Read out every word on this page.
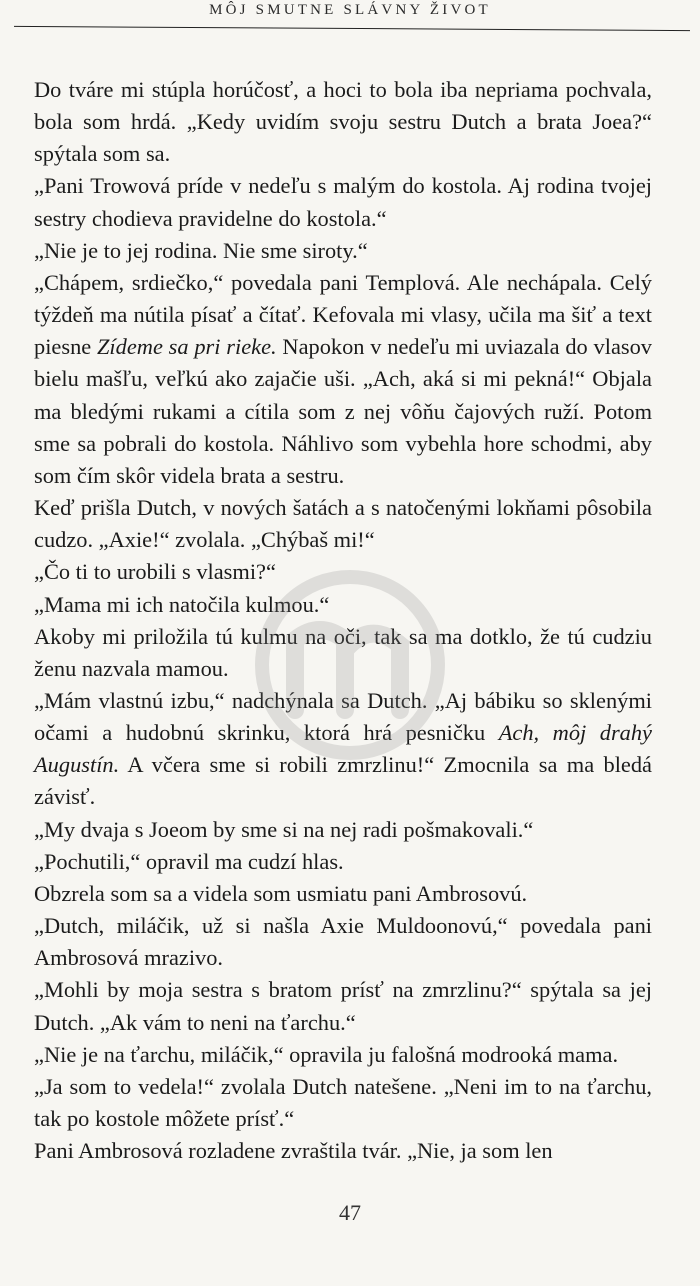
MÔJ SMUTNE SLÁVNY ŽIVOT

Do tváre mi stúpla horúčosť, a hoci to bola iba nepriama pochvala, bola som hrdá. „Kedy uvidím svoju sestru Dutch a brata Joea?“ spýtala som sa.

„Pani Trowová príde v nedeľu s malým do kostola. Aj rodina tvojej sestry chodieva pravidelne do kostola.“

„Nie je to jej rodina. Nie sme siroty.“

„Chápem, srdiečko,“ povedala pani Templová. Ale nechápala. Celý týždeň ma nútila písať a čítať. Kefovala mi vlasy, učila ma šiť a text piesne Zídeme sa pri rieke. Napokon v nedeľu mi uviazala do vlasov bielu mašľu, veľkú ako zajačie uši. „Ach, aká si mi pekná!“ Objala ma bledými rukami a cítila som z nej vôňu čajových ruží. Potom sme sa pobrali do kostola. Náhlivo som vybehla hore schodmi, aby som čím skôr videla brata a sestru.

Keď prišla Dutch, v nových šatách a s natočenými lokňami pôsobila cudzo. „Axie!“ zvolala. „Chýbaš mi!“

„Čo ti to urobili s vlasmi?“

„Mama mi ich natočila kulmou.“

Akoby mi priložila tú kulmu na oči, tak sa ma dotklo, že tú cudziu ženu nazvala mamou.

„Mám vlastnú izbu,“ nadchýnala sa Dutch. „Aj bábiku so sklenými očami a hudobnú skrinku, ktorá hrá pesničku Ach, môj drahý Augustín. A včera sme si robili zmrzlinu!“ Zmocnila sa ma bledá závisť.

„My dvaja s Joeom by sme si na nej radi pošmakovali.“

„Pochutili,“ opravil ma cudzí hlas.

Obzrela som sa a videla som usmiatu pani Ambrosovú.

„Dutch, miláčik, už si našla Axie Muldoonovú,“ povedala pani Ambrosová mrazivo.

„Mohli by moja sestra s bratom prísť na zmrzlinu?“ spýtala sa jej Dutch. „Ak vám to neni na ťarchu.“

„Nie je na ťarchu, miláčik,“ opravila ju falošná modrooká mama.

„Ja som to vedela!“ zvolala Dutch natešene. „Neni im to na ťarchu, tak po kostole môžete prísť.“

Pani Ambrosová rozladene zvraštila tvár. „Nie, ja som len

47
